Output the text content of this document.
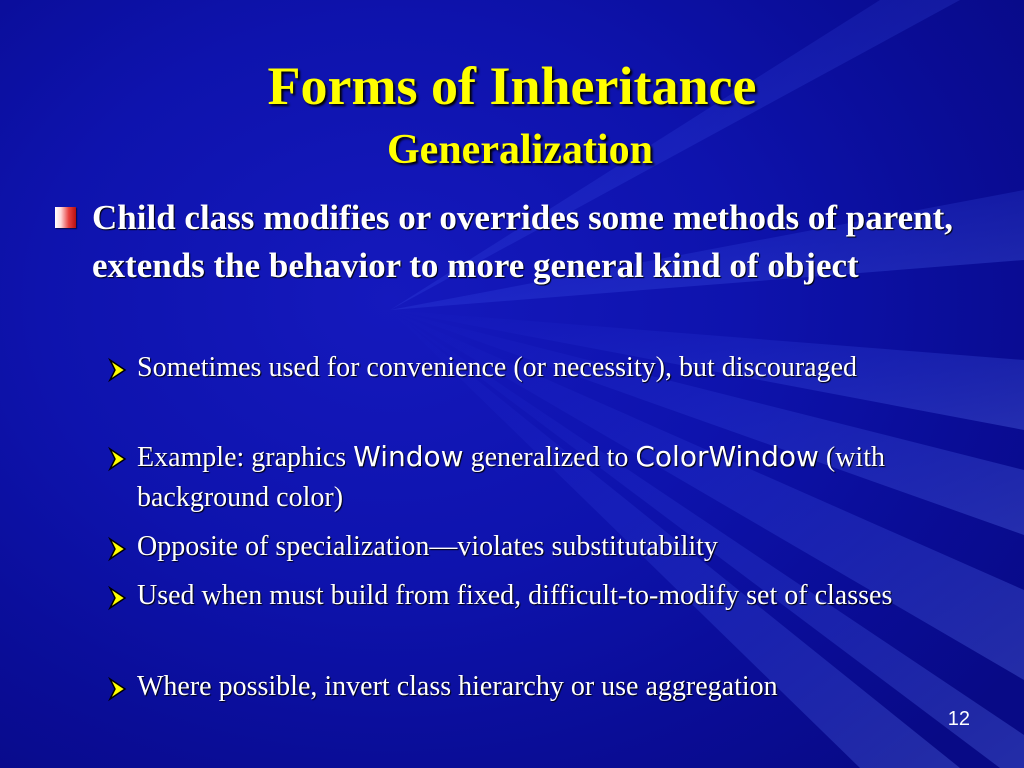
Forms of Inheritance
Generalization
Child class modifies or overrides some methods of parent, extends the behavior to more general kind of object
Sometimes used for convenience (or necessity), but discouraged
Example: graphics Window generalized to ColorWindow (with background color)
Opposite of specialization—violates substitutability
Used when must build from fixed, difficult-to-modify set of classes
Where possible, invert class hierarchy or use aggregation
12
